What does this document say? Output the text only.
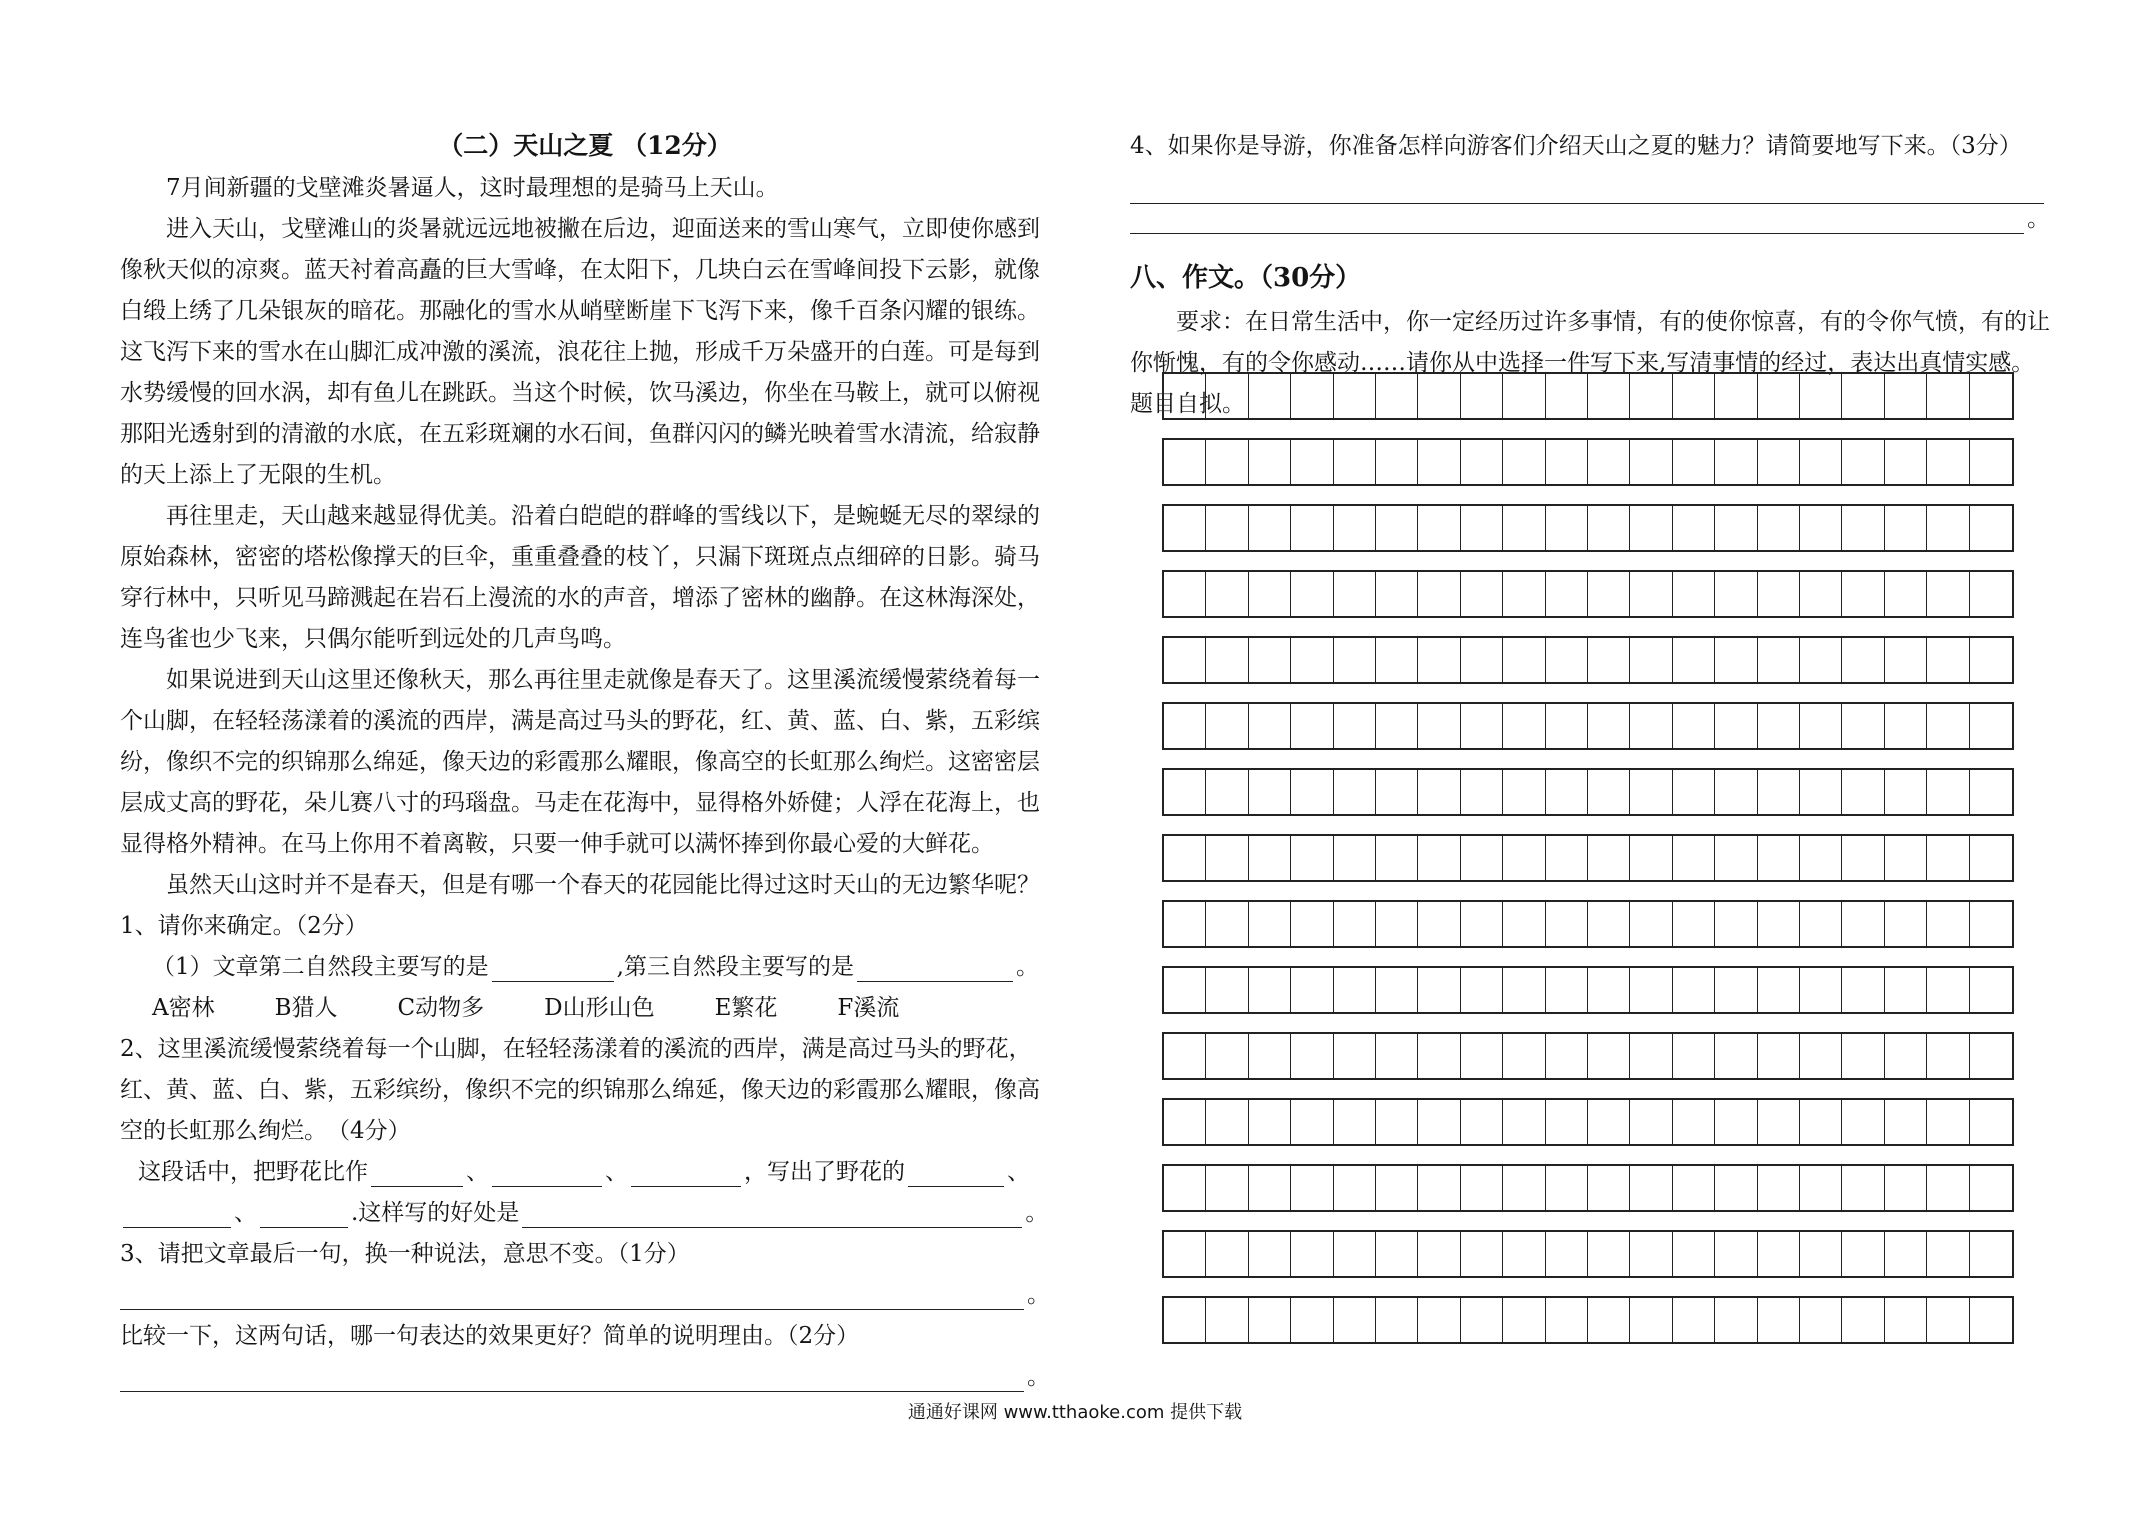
（二）天山之夏 （12分）

7月间新疆的戈壁滩炎暑逼人，这时最理想的是骑马上天山。

进入天山，戈壁滩山的炎暑就远远地被撇在后边，迎面送来的雪山寒气，立即使你感到像秋天似的凉爽。蓝天衬着高矗的巨大雪峰，在太阳下，几块白云在雪峰间投下云影，就像白缎上绣了几朵银灰的暗花。那融化的雪水从峭壁断崖下飞泻下来，像千百条闪耀的银练。这飞泻下来的雪水在山脚汇成冲激的溪流，浪花往上抛，形成千万朵盛开的白莲。可是每到水势缓慢的回水涡，却有鱼儿在跳跃。当这个时候，饮马溪边，你坐在马鞍上，就可以俯视那阳光透射到的清澈的水底，在五彩斑斓的水石间，鱼群闪闪的鳞光映着雪水清流，给寂静的天上添上了无限的生机。

再往里走，天山越来越显得优美。沿着白皑皑的群峰的雪线以下，是蜿蜒无尽的翠绿的原始森林，密密的塔松像撑天的巨伞，重重叠叠的枝丫，只漏下斑斑点点细碎的日影。骑马穿行林中，只听见马蹄溅起在岩石上漫流的水的声音，增添了密林的幽静。在这林海深处，连鸟雀也少飞来，只偶尔能听到远处的几声鸟鸣。

如果说进到天山这里还像秋天，那么再往里走就像是春天了。这里溪流缓慢萦绕着每一个山脚，在轻轻荡漾着的溪流的西岸，满是高过马头的野花，红、黄、蓝、白、紫，五彩缤纷，像织不完的织锦那么绵延，像天边的彩霞那么耀眼，像高空的长虹那么绚烂。这密密层层成丈高的野花，朵儿赛八寸的玛瑙盘。马走在花海中，显得格外娇健；人浮在花海上，也显得格外精神。在马上你用不着离鞍，只要一伸手就可以满怀捧到你最心爱的大鲜花。

虽然天山这时并不是春天，但是有哪一个春天的花园能比得过这时天山的无边繁华呢？

1、请你来确定。（2分）
（1）文章第二自然段主要写的是	,第三自然段主要写的是	。
A密林	B猎人	C动物多	D山形山色	E繁花	F溪流

2、这里溪流缓慢萦绕着每一个山脚，在轻轻荡漾着的溪流的西岸，满是高过马头的野花，红、黄、蓝、白、紫，五彩缤纷，像织不完的织锦那么绵延，像天边的彩霞那么耀眼，像高空的长虹那么绚烂。　（4分）

这段话中，把野花比作	、	、	，写出了野花的	、
、	.这样写的好处是	。
3、请把文章最后一句，换一种说法，意思不变。（1分）
。
比较一下，这两句话，哪一句表达的效果更好？简单的说明理由。（2分）
。
4、如果你是导游，你准备怎样向游客们介绍天山之夏的魅力？请简要地写下来。（3分）
。
八、作文。（30分）

要求：在日常生活中，你一定经历过许多事情，有的使你惊喜，有的令你气愤，有的让你惭愧，有的令你感动……请你从中选择一件写下来,写清事情的经过，表达出真情实感。题目自拟。

通通好课网 www.tthaoke.com 提供下载
